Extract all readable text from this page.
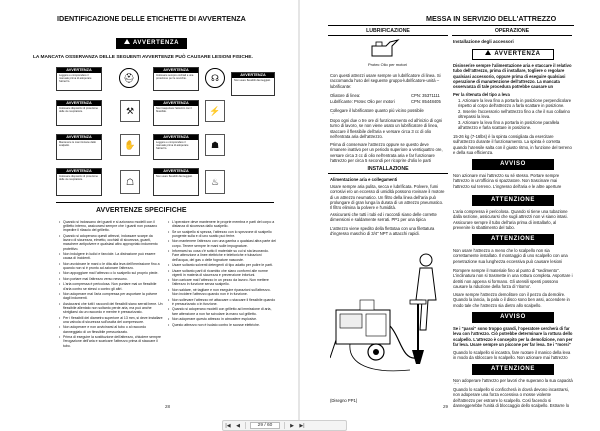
IDENTIFICAZIONE DELLE ETICHETTE DI AVVERTENZA
AVVERTENZA
LA MANCATA OSSERVANZA DELLE SEGUENTI AVVERTENZE PUÒ CAUSARE LESIONI FISICHE.
AVVERTENZA
Leggere e comprendere il manuale prima di adoperare l'attrezzo.	⛑
AVVERTENZA
Indossare sempre occhiali e una protezione per le orecchie.	☊
AVVERTENZA
Indossare dispositivi di protezione delle vie respiratorie.	⚒
AVVERTENZA
Non trasportare l'attrezzo con il flessibile.	⚡
AVVERTENZA
Non usare flessibili danneggiati.
AVVERTENZA
Mantenere le mani lontane dallo scalpello.	✋
AVVERTENZA
Leggere e comprendere il manuale prima di adoperare l'attrezzo.	☗
AVVERTENZA
Indossare dispositivi di protezione delle vie respiratorie.	☖
AVVERTENZA
Non usare flessibili danneggiati.	♨
AVVERTENZE SPECIFICHE
• Quando si indossano dei guanti e si azionano modelli con il grilletto interno, assicurarsi sempre che i guanti non possano impedire il rilascio del grilletto.
• Quando si adoperano questi attrezzi, indossare scarpe da lavoro di sicurezza, elmetto, occhiali di sicurezza, guanti, maschere antipolvere e qualsiasi altro appropriato indumento protettivo.
• Non indulgere in ludici e fanciole. La distrazione può essere causa di incidenti.
• Non avvicinare le mani o le dita alla leva dell'immissione fino a quando non si è pronto ad azionare l'attrezzo.
• Non appoggiare mai l'attrezzo o lo scalpello sul proprio piede.
• Non portare mai l'attrezzo verso nessuno.
• L'aria compressa è pericolosa. Non puntare mai un flessibile d'aria contro se stessi o contro gli altri.
• Non adoperare mai l'aria compressa per asportare la polvere dagli indumenti.
• Assicurarsi che tutti i raccordi dei flessibili siano serrati bene. Un flessibile allentato non soltanto perde aria, ma può anche sbrigliarsi da un raccordo e mentre è pressurizzato.
• Per i flessibili del diametro superiore ai 13 mm, si deve installare una valvola di sicurezza sull'uscita del compressore.
• Non adoperare e non avvicinarsi al tubo o al raccordo danneggiato di un flessibile pressurizzato.
• Prima di eseguire la sostituzione dell'attrezzo, chiudere sempre l'erogazione dell'aria e scaricare l'attrezzo prima di staccare il tubo.
• L'operatore deve mantenere le proprie membra e parti del corpo a distanza di sicurezza dallo scalpello.
• Se un scalpello si spezza, l'attrezzo con lo spezzone di scalpello pungente sulla e di uno scatto può ferire.
• Non mantenere l'attrezzo con una gamba o qualsiasi altra parte del corpo. Tenere sempre le mani sulle impugnature.
• Informarsi su cosa c'è sotto il materiale su cui si sta lavorando. Fare attenzione a linee elettriche e telefoniche e tubazioni dell'acqua, del gas o delle fognature nascoste.
• Usare soltanto solventi detergenti di tipo adatto per pulire le parti.
• Usare soltanto parti di ricambio che siano conformi alle norme vigenti in materia di sicurezza e prevenzione infortuni.
• Non caricare mai l'attrezzo in un pezzo da lavoro. Non mettere l'attrezzo in funzione senza scalpello.
• Non saldare, né tagliare e non eseguire riparazioni sull'attrezzo. Non incidere l'attrezzo quando non è in funzione.
• Non sollevare l'attrezzo né attaccare o staccare il flessibile quando è pressurizzato o in funzione.
• Quando si adoperano modelli con grilletto ad immissione di aria, fare attenzione a non far scivolare la mano sul grilletto.
• Non adoperare questo attrezzo in atmosfere esplosive.
• Questo attrezzo non è isolato contro le scosse elettriche.
28
MESSA IN SERVIZIO DELL'ATTREZZO
LUBRIFICAZIONE	OPERAZIONE
Protec Olio per motori
Con questi attrezzi usare sempre un lubrificatore di linea. Si raccomanda l'uso del seguente gruppo-lubrificatore-unità – lubrificante:
Oliatore di linea:	CPN: 35371111
Lubrificante: Protec Olio per motori	CPN: 85448405
Collegare il lubrificatore quanto più vicino possibile
Dopo ogni due o tre ore di funzionamento ed all'inizio di ogni turno di lavoro, se non viene usato un lubrificatore di linea, staccare il flessibile dell'aria e versare circa 3 cc di olio nell'entrata aria dell'attrezzo.
Prima di conservare l'attrezzo oppure se questo deve rimanere inattivo per un periodo superiore a ventiquattro ore, versare circa 3 cc di olio nell'entrata aria e far funzionare l'attrezzo per circa 5 secondi per ricoprire d'olio le parti
INSTALLAZIONE
Alimentazione aria e collegamenti
Usare sempre aria pulita, secca e lubrificata. Polvere, fumi corrosivi e/o un eccesso di umidità possono rovinare il motore di un attrezzo neumatico. Un filtro della linea dell'aria può prolungare di gran lunga la durata di un attrezzo pneumatico. Il filtro elimina la polvere e l'umidità.
Assicurarsi che tutti i tubi ed i raccordi siano delle corrette dimensioni e saldamente serrati. PP1 per una tipica
L'attrezzo viene spedito della flettotaa con una filettatura d'ingresso maschio di 3/4" NPT a attacchi rapidi.
(Disegno PP1)
Installazione degli accessori
AVVERTENZA
Disinserire sempre l'alimentazione aria e staccare il relativo tubo dell'attrezzo, prima di installare, togliere o regolare qualsiasi accessorio, oppure prima di eseguire qualsiasi operazione di manutenzione dell'attrezzo. La mancata osservanza di tale procedura potrebbe causare un
Per la ritenuta del tipo a leva
1. Azionare la leva fino a portarla in posizione perpendicolare rispetto al corpo dell'attrezzo a farla scattare in posizione.
2. Inserire l'accessorio nell'attrezzo fino a che il suo collarino oltrepassi la leva.
3. Azionare la leva fino a portarla in posizione parallela all'attrezzo e farla scattare in posizione.
15-26 kg (7-16lbs) è la spinta consigliata da esercitare sull'attrezzo durante il funzionamento. La spinta è corretta quando l'utensile salta con il giusto ritmo, in funzione del terreno e della sua efficienza.
AVVISO
Non azionare mai l'attrezzo su sé stesso. Portare sempre l'attrezzo in un'officina si spazzatore. Non trascinare mai l'attrezzo sul terreno. L'ingresso dell'aria e le altre aperture
ATTENZIONE
L'aria compressa è pericolosa. Quando si tiene una tubazione dalla sezione, assicurarsi che sugli attrezzi non vi siano intasi. Assicurare sempre il tubo dell'aria prima di installarlo, al prevenire lo sbattimento del tubo.
ATTENZIONE
Non usare l'attrezzo a meno che lo scalpello non sia correttamente installato. Il montaggio di uno scalpello con una penetrazione sua lunghezza eccessiva può causare lesioni
Rompere sempre il materiale fino al punto di "sedimento". L'inclinatura non si trasmette in una rottura completa. Asportare i detriti non appena si formano. Gli utensili spenti possono causare la riduzione della forza di 'ritorno'.
Usare sempre l'attrezzo demolitore con il pezzo da demolire. Quando la lancia, la pala o il disco sono ben assi, accendere in modo tale che l'attrezzo sia dietro allo scalpello.
AVVISO
Se i "passi" sono troppo grandi, l'operatore cercherà di far leva con l'attrezzo. Ciò potrebbe determinare la rottura dello scalpello. L'attrezzo è concepito per la demolizione, non per far leva. Usare sempre un piccone per far leva. Se i "morsi"
Quando lo scalpello si incastra, fare ruotare il manico della leva in modo da sbloccare lo scalpello. Non azionare mai l'attrezzo
ATTENZIONE
Non adoperare l'attrezzo per lavori che superano la sua capacità
Quando lo scalpello si conficcherà in dovrà devono incastrarsi, non adoperare una forza eccessiva o mosse violente dell'attrezzo per estrarre lo scalpello. Così facendo si danneggerebbe l'unità di bloccaggio dello scalpello. Estrarre lo
29
|◀ ◀	29 / 60	▶ ▶|
